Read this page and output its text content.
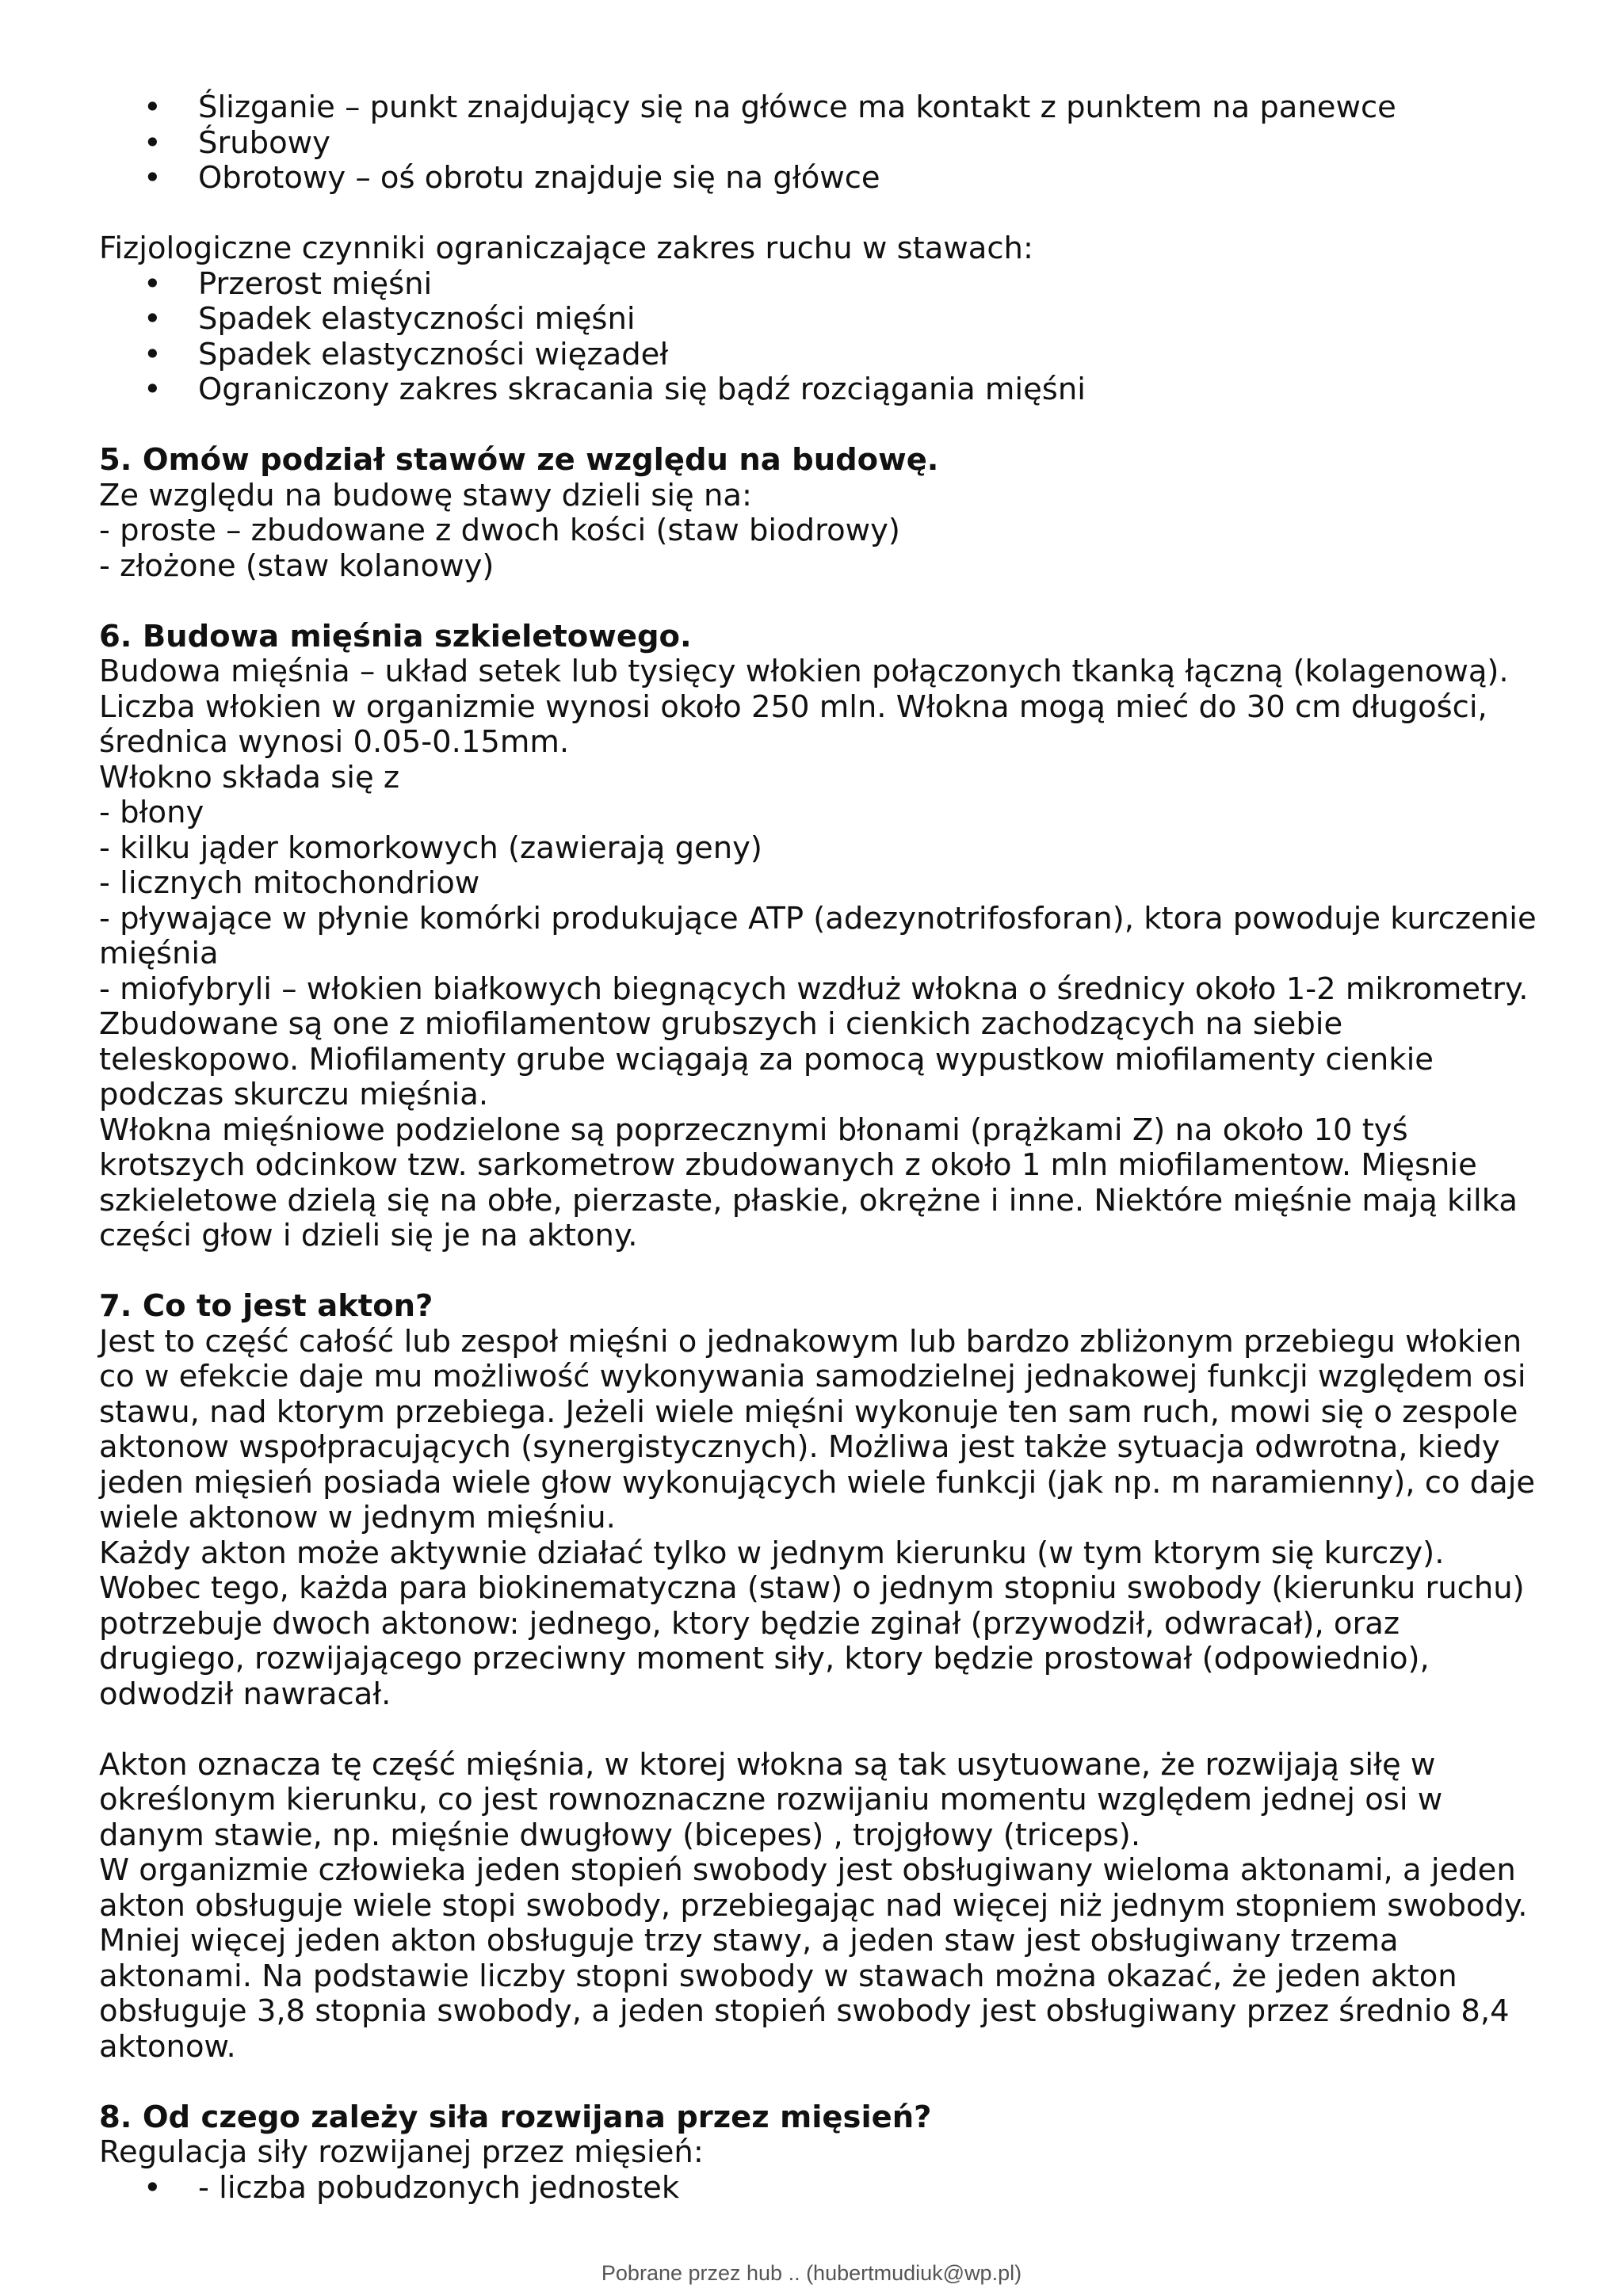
• Ślizganie – punkt znajdujący się na główce ma kontakt z punktem na panewce
• Śrubowy
• Obrotowy – oś obrotu znajduje się na główce

Fizjologiczne czynniki ograniczające zakres ruchu w stawach:

• Przerost mięśni
• Spadek elastyczności mięśni
• Spadek elastyczności więzadeł
• Ograniczony zakres skracania się bądź rozciągania mięśni

5. Omów podział stawów ze względu na budowę.

Ze względu na budowę stawy dzieli się na:

- proste – zbudowane z dwoch kości (staw biodrowy)

- złożone (staw kolanowy)

6. Budowa mięśnia szkieletowego.

Budowa mięśnia – układ setek lub tysięcy włokien połączonych tkanką łączną (kolagenową).

Liczba włokien w organizmie wynosi około 250 mln. Włokna mogą mieć do 30 cm długości,

średnica wynosi 0.05-0.15mm.

Włokno składa się z

- błony

- kilku jąder komorkowych (zawierają geny)

- licznych mitochondriow

- pływające w płynie komórki produkujące ATP (adezynotrifosforan), ktora powoduje kurczenie

mięśnia

- miofybryli – włokien białkowych biegnących wzdłuż włokna o średnicy około 1-2 mikrometry.

Zbudowane są one z miofilamentow grubszych i cienkich zachodzących na siebie

teleskopowo. Miofilamenty grube wciągają za pomocą wypustkow miofilamenty cienkie

podczas skurczu mięśnia.

Włokna mięśniowe podzielone są poprzecznymi błonami (prążkami Z) na około 10 tyś

krotszych odcinkow tzw. sarkometrow zbudowanych z około 1 mln miofilamentow. Mięsnie

szkieletowe dzielą się na obłe, pierzaste, płaskie, okrężne i inne. Niektóre mięśnie mają kilka

części głow i dzieli się je na aktony.

7. Co to jest akton?

Jest to część całość lub zespoł mięśni o jednakowym lub bardzo zbliżonym przebiegu włokien

co w efekcie daje mu możliwość wykonywania samodzielnej jednakowej funkcji względem osi

stawu, nad ktorym przebiega. Jeżeli wiele mięśni wykonuje ten sam ruch, mowi się o zespole

aktonow wspołpracujących (synergistycznych). Możliwa jest także sytuacja odwrotna, kiedy

jeden mięsień posiada wiele głow wykonujących wiele funkcji (jak np. m naramienny), co daje

wiele aktonow w jednym mięśniu.

Każdy akton może aktywnie działać tylko w jednym kierunku (w tym ktorym się kurczy).

Wobec tego, każda para biokinematyczna (staw) o jednym stopniu swobody (kierunku ruchu)

potrzebuje dwoch aktonow: jednego, ktory będzie zginał (przywodził, odwracał), oraz

drugiego, rozwijającego przeciwny moment siły, ktory będzie prostował (odpowiednio),

odwodził nawracał.

Akton oznacza tę część mięśnia, w ktorej włokna są tak usytuowane, że rozwijają siłę w

określonym kierunku, co jest rownoznaczne rozwijaniu momentu względem jednej osi w

danym stawie, np. mięśnie dwugłowy (bicepes) , trojgłowy (triceps).

W organizmie człowieka jeden stopień swobody jest obsługiwany wieloma aktonami, a jeden

akton obsługuje wiele stopi swobody, przebiegając nad więcej niż jednym stopniem swobody.

Mniej więcej jeden akton obsługuje trzy stawy, a jeden staw jest obsługiwany trzema

aktonami. Na podstawie liczby stopni swobody w stawach można okazać, że jeden akton

obsługuje 3,8 stopnia swobody, a jeden stopień swobody jest obsługiwany przez średnio 8,4

aktonow.

8. Od czego zależy siła rozwijana przez mięsień?

Regulacja siły rozwijanej przez mięsień:

• - liczba pobudzonych jednostek
Pobrane przez hub .. (hubertmudiuk@wp.pl)
